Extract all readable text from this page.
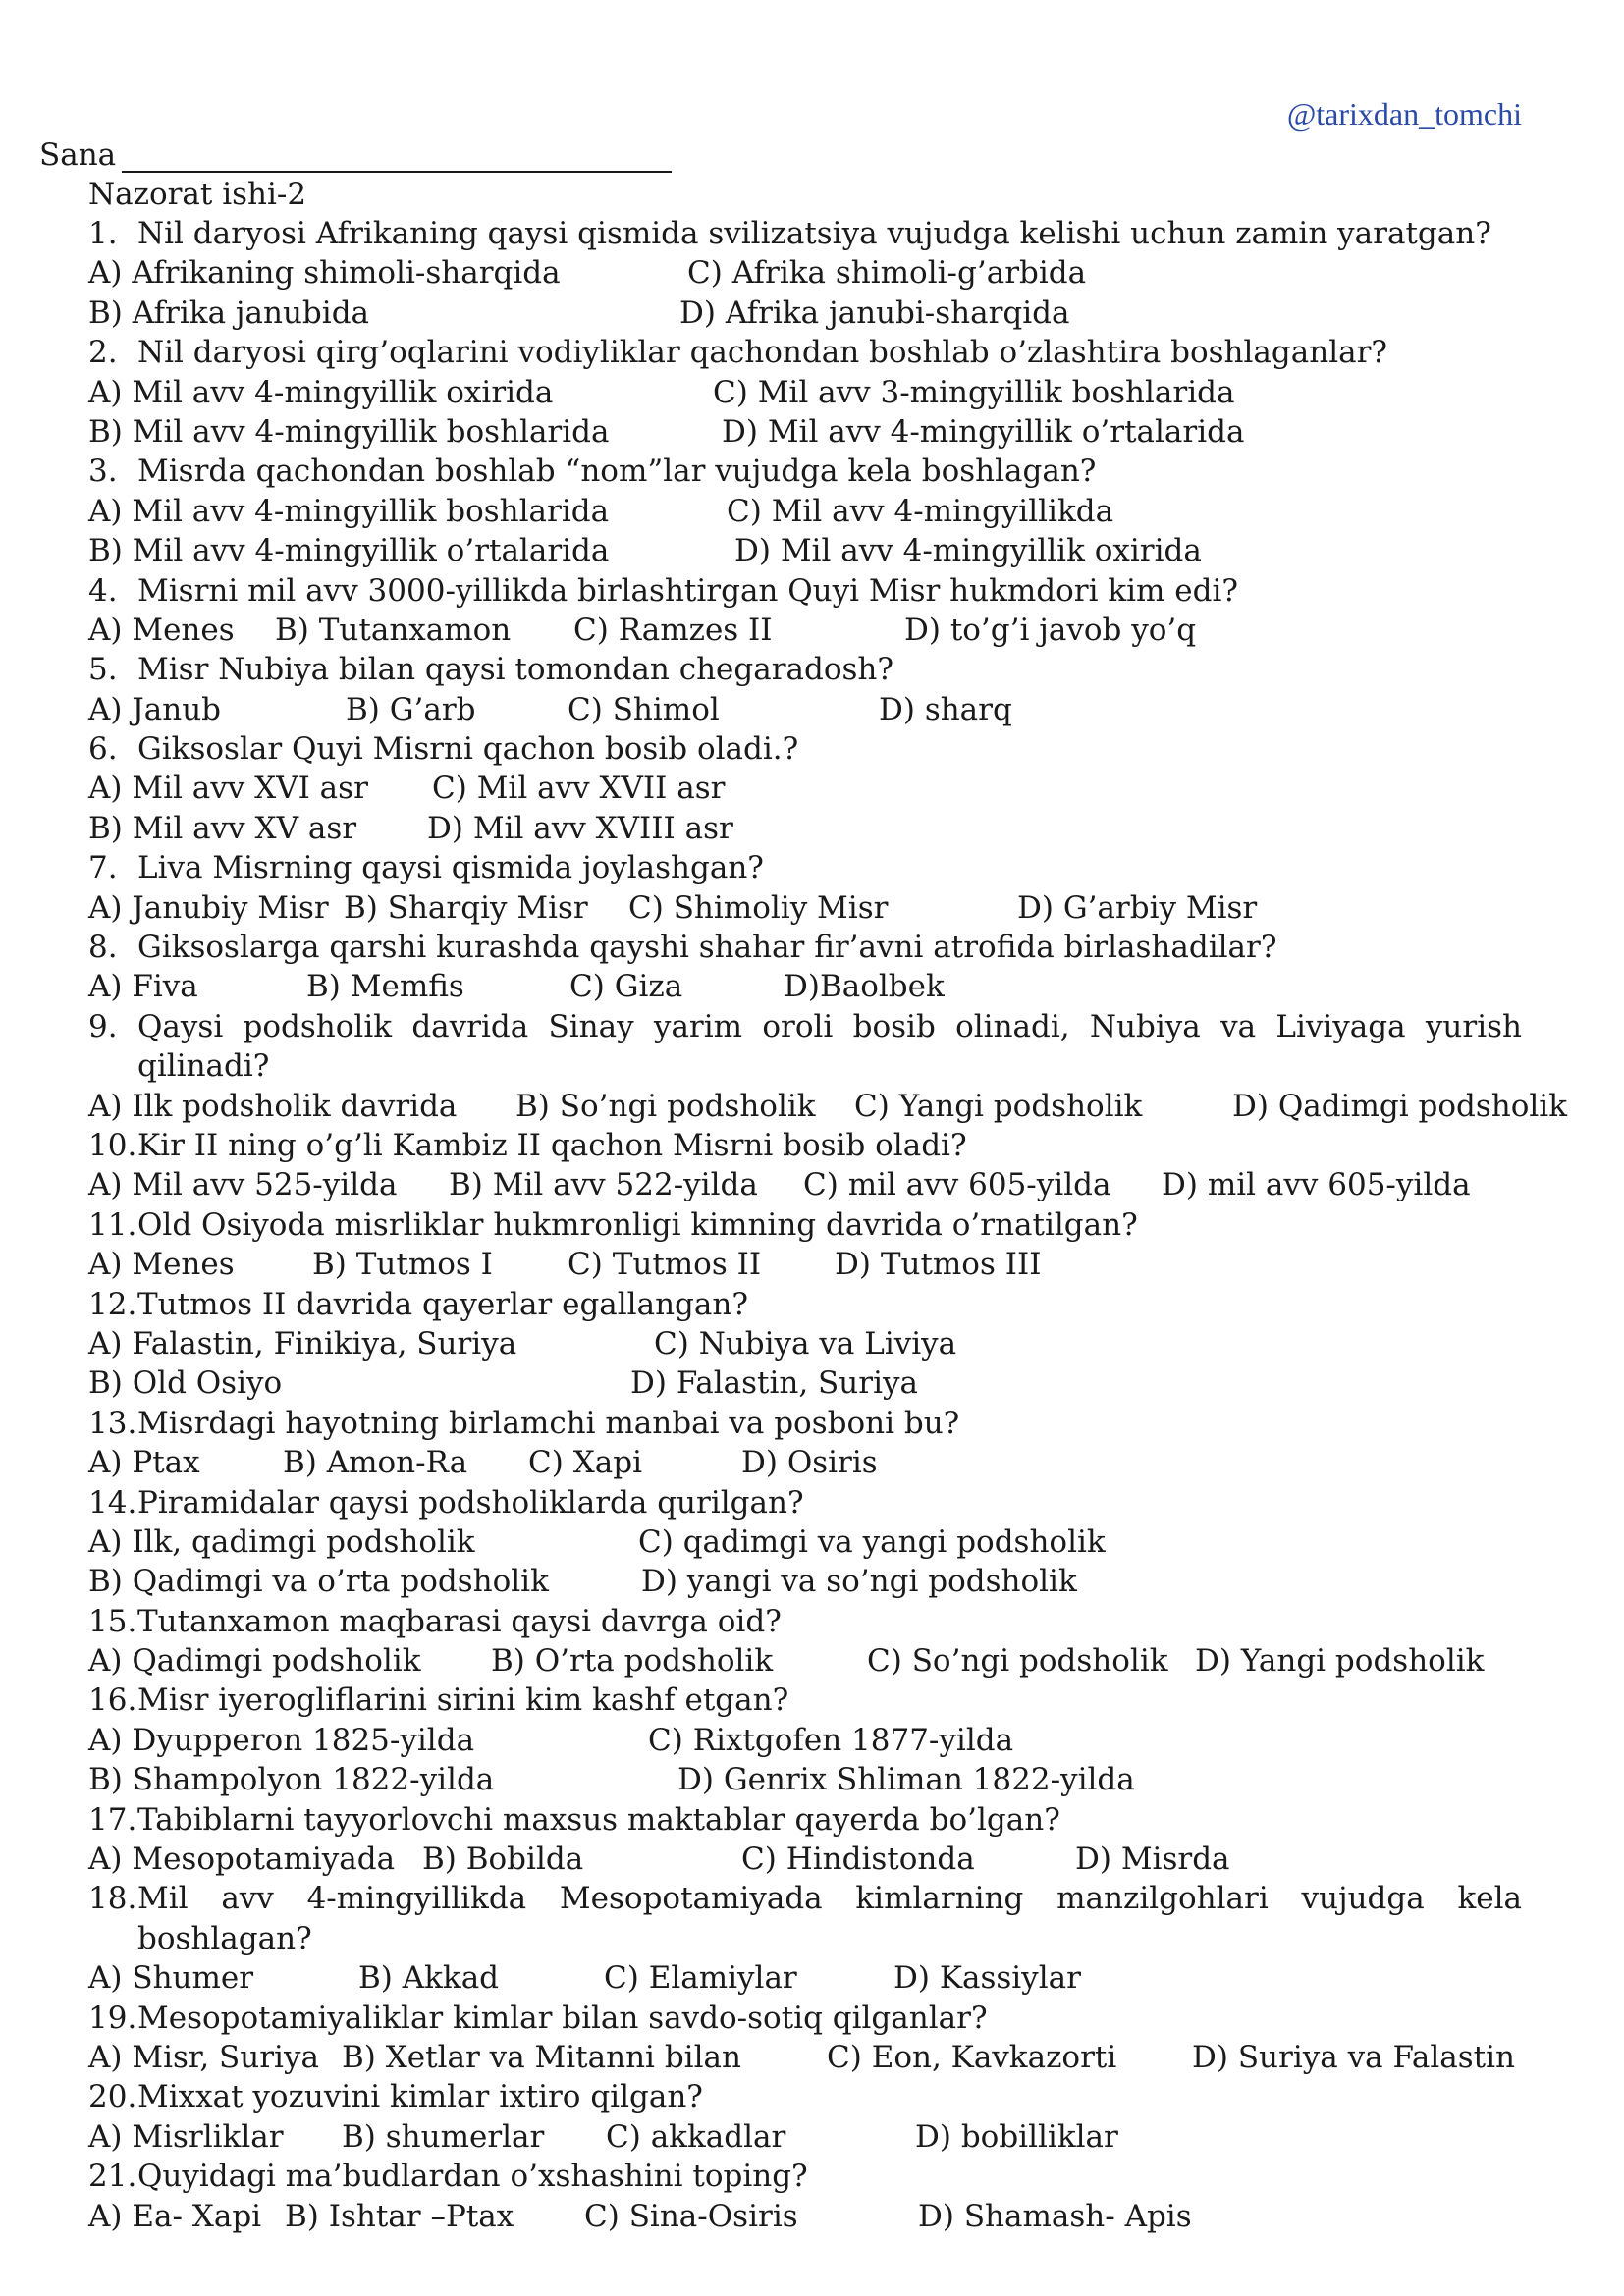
@tarixdan_tomchi
Sana
Nazorat ishi-2
1. Nil daryosi Afrikaning qaysi qismida svilizatsiya vujudga kelishi uchun zamin yaratgan?
A) Afrikaning shimoli-sharqida	C) Afrika shimoli-g’arbida
B) Afrika janubida	D) Afrika janubi-sharqida
2. Nil daryosi qirg’oqlarini vodiyliklar qachondan boshlab o’zlashtira boshlaganlar?
A) Mil avv 4-mingyillik oxirida	C) Mil avv 3-mingyillik boshlarida
B) Mil avv 4-mingyillik boshlarida	D) Mil avv 4-mingyillik o’rtalarida
3. Misrda qachondan boshlab “nom”lar vujudga kela boshlagan?
A) Mil avv 4-mingyillik boshlarida	C) Mil avv 4-mingyillikda
B) Mil avv 4-mingyillik o’rtalarida	D) Mil avv 4-mingyillik oxirida
4. Misrni mil avv 3000-yillikda birlashtirgan Quyi Misr hukmdori kim edi?
A) Menes B) Tutanxamon C) Ramzes II	D) to’g’i javob yo’q
5. Misr Nubiya bilan qaysi tomondan chegaradosh?
A) Janub	B) G’arb	C) Shimol	D) sharq
6. Giksoslar Quyi Misrni qachon bosib oladi.?
A) Mil avv XVI asr C) Mil avv XVII asr
B) Mil avv XV asr D) Mil avv XVIII asr
7. Liva Misrning qaysi qismida joylashgan?
A) Janubiy Misr B) Sharqiy Misr C) Shimoliy Misr	D) G’arbiy Misr
8. Giksoslarga qarshi kurashda qayshi shahar fir’avni atrofida birlashadilar?
A) Fiva	B) Memfis	C) Giza	D)Baolbek
9. Qaysi podsholik davrida Sinay yarim oroli bosib olinadi, Nubiya va Liviyaga yurish qilinadi?
A) Ilk podsholik davrida B) So’ngi podsholik C) Yangi podsholik	D) Qadimgi podsholik
10. Kir II ning o’g’li Kambiz II qachon Misrni bosib oladi?
A) Mil avv 525-yilda B) Mil avv 522-yilda C) mil avv 605-yilda D) mil avv 605-yilda
11. Old Osiyoda misrliklar hukmronligi kimning davrida o’rnatilgan?
A) Menes	B) Tutmos I C) Tutmos II D) Tutmos III
12. Tutmos II davrida qayerlar egallangan?
A) Falastin, Finikiya, Suriya	C) Nubiya va Liviya
B) Old Osiyo	D) Falastin, Suriya
13. Misrdagi hayotning birlamchi manbai va posboni bu?
A) Ptax	B) Amon-Ra C) Xapi	D) Osiris
14. Piramidalar qaysi podsholiklarda qurilgan?
A) Ilk, qadimgi podsholik	C) qadimgi va yangi podsholik
B) Qadimgi va o’rta podsholik	D) yangi va so’ngi podsholik
15. Tutanxamon maqbarasi qaysi davrga oid?
A) Qadimgi podsholik B) O’rta podsholik	C) So’ngi podsholik D) Yangi podsholik
16. Misr iyerogliflarini sirini kim kashf etgan?
A) Dyupperon 1825-yilda	C) Rixtgofen 1877-yilda
B) Shampolyon 1822-yilda	D) Genrix Shliman 1822-yilda
17. Tabiblarni tayyorlovchi maxsus maktablar qayerda bo’lgan?
A) Mesopotamiyada B) Bobilda	C) Hindistonda	D) Misrda
18. Mil avv 4-mingyillikda Mesopotamiyada kimlarning manzilgohlari vujudga kela boshlagan?
A) Shumer	B) Akkad	C) Elamiylar	D) Kassiylar
19. Mesopotamiyaliklar kimlar bilan savdo-sotiq qilganlar?
A) Misr, Suriya B) Xetlar va Mitanni bilan	C) Eon, Kavkazorti D) Suriya va Falastin
20. Mixxat yozuvini kimlar ixtiro qilgan?
A) Misrliklar B) shumerlar C) akkadlar	D) bobilliklar
21. Quyidagi ma’budlardan o’xshashini toping?
A) Ea- Xapi B) Ishtar –Ptax C) Sina-Osiris	D) Shamash- Apis
